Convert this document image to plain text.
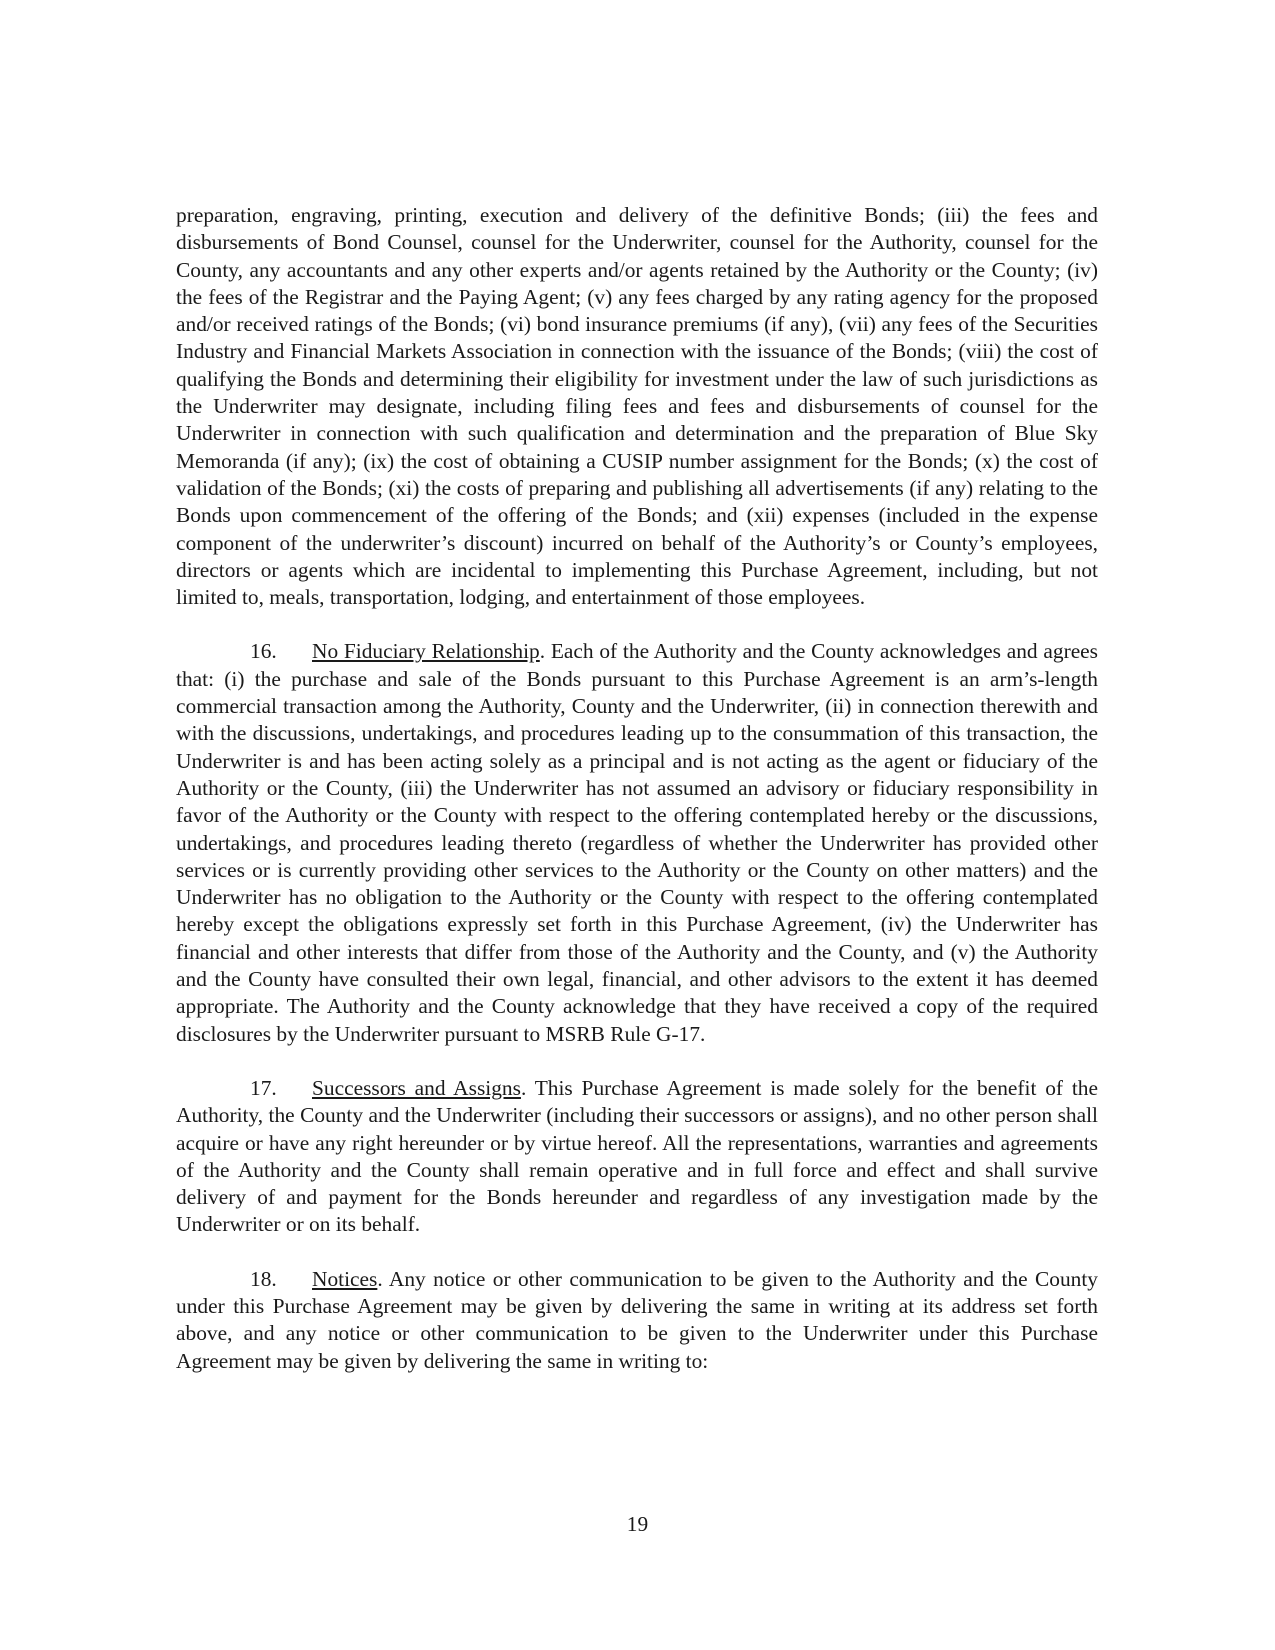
preparation, engraving, printing, execution and delivery of the definitive Bonds; (iii) the fees and disbursements of Bond Counsel, counsel for the Underwriter, counsel for the Authority, counsel for the County, any accountants and any other experts and/or agents retained by the Authority or the County; (iv) the fees of the Registrar and the Paying Agent; (v) any fees charged by any rating agency for the proposed and/or received ratings of the Bonds; (vi) bond insurance premiums (if any), (vii) any fees of the Securities Industry and Financial Markets Association in connection with the issuance of the Bonds; (viii) the cost of qualifying the Bonds and determining their eligibility for investment under the law of such jurisdictions as the Underwriter may designate, including filing fees and fees and disbursements of counsel for the Underwriter in connection with such qualification and determination and the preparation of Blue Sky Memoranda (if any); (ix) the cost of obtaining a CUSIP number assignment for the Bonds; (x) the cost of validation of the Bonds; (xi) the costs of preparing and publishing all advertisements (if any) relating to the Bonds upon commencement of the offering of the Bonds; and (xii) expenses (included in the expense component of the underwriter’s discount) incurred on behalf of the Authority’s or County’s employees, directors or agents which are incidental to implementing this Purchase Agreement, including, but not limited to, meals, transportation, lodging, and entertainment of those employees.

16. No Fiduciary Relationship. Each of the Authority and the County acknowledges and agrees that: (i) the purchase and sale of the Bonds pursuant to this Purchase Agreement is an arm’s-length commercial transaction among the Authority, County and the Underwriter, (ii) in connection therewith and with the discussions, undertakings, and procedures leading up to the consummation of this transaction, the Underwriter is and has been acting solely as a principal and is not acting as the agent or fiduciary of the Authority or the County, (iii) the Underwriter has not assumed an advisory or fiduciary responsibility in favor of the Authority or the County with respect to the offering contemplated hereby or the discussions, undertakings, and procedures leading thereto (regardless of whether the Underwriter has provided other services or is currently providing other services to the Authority or the County on other matters) and the Underwriter has no obligation to the Authority or the County with respect to the offering contemplated hereby except the obligations expressly set forth in this Purchase Agreement, (iv) the Underwriter has financial and other interests that differ from those of the Authority and the County, and (v) the Authority and the County have consulted their own legal, financial, and other advisors to the extent it has deemed appropriate. The Authority and the County acknowledge that they have received a copy of the required disclosures by the Underwriter pursuant to MSRB Rule G-17.

17. Successors and Assigns. This Purchase Agreement is made solely for the benefit of the Authority, the County and the Underwriter (including their successors or assigns), and no other person shall acquire or have any right hereunder or by virtue hereof. All the representations, warranties and agreements of the Authority and the County shall remain operative and in full force and effect and shall survive delivery of and payment for the Bonds hereunder and regardless of any investigation made by the Underwriter or on its behalf.

18. Notices. Any notice or other communication to be given to the Authority and the County under this Purchase Agreement may be given by delivering the same in writing at its address set forth above, and any notice or other communication to be given to the Underwriter under this Purchase Agreement may be given by delivering the same in writing to:

19
